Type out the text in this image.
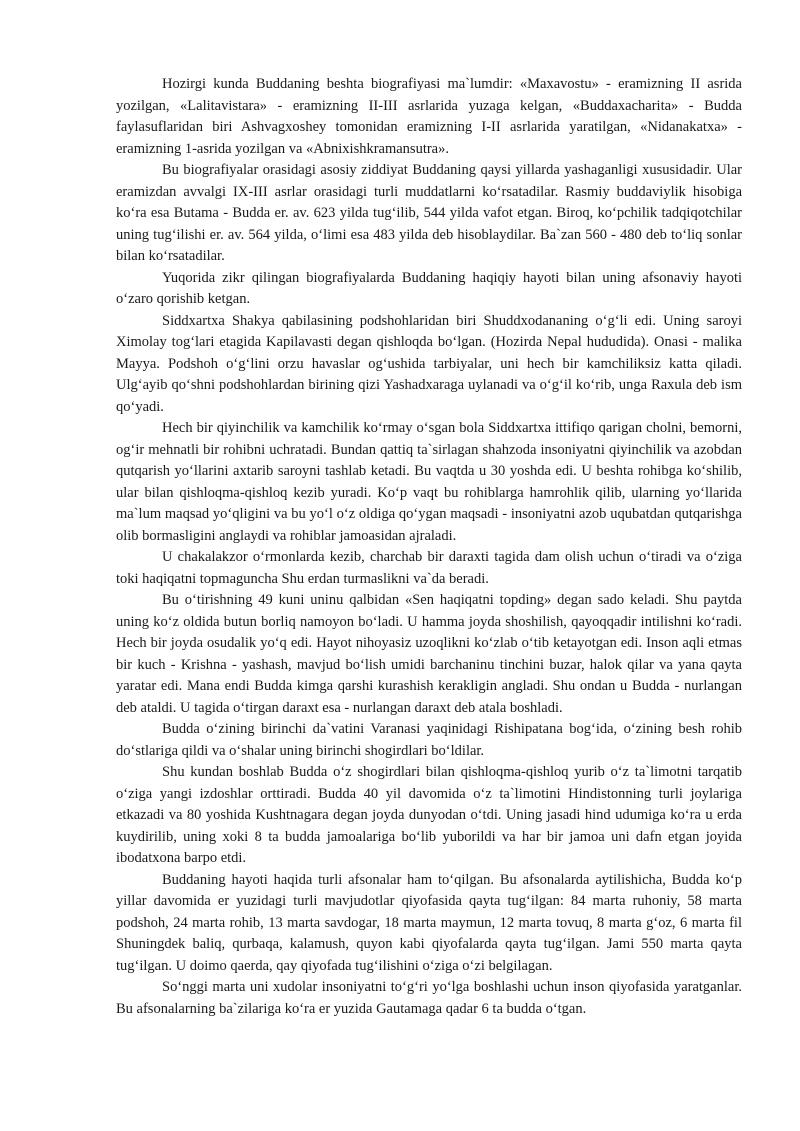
Hozirgi kunda Buddaning beshta biografiyasi ma`lumdir: «Maxavostu» - eramizning II asrida yozilgan, «Lalitavistara» - eramizning II-III asrlarida yuzaga kelgan, «Buddaxacharita» - Budda faylasuflaridan biri Ashvagxoshey tomonidan eramizning I-II asrlarida yaratilgan, «Nidanakatxa» - eramizning 1-asrida yozilgan va «Abnixishkramansutra».

Bu biografiyalar orasidagi asosiy ziddiyat Buddaning qaysi yillarda yashaganligi xususidadir. Ular eramizdan avvalgi IX-III asrlar orasidagi turli muddatlarni ko‘rsatadilar. Rasmiy buddaviylik hisobiga ko‘ra esa Butama - Budda er. av. 623 yilda tug‘ilib, 544 yilda vafot etgan. Biroq, ko‘pchilik tadqiqotchilar uning tug‘ilishi er. av. 564 yilda, o‘limi esa 483 yilda deb hisoblaydilar. Ba`zan 560 - 480 deb to‘liq sonlar bilan ko‘rsatadilar.

Yuqorida zikr qilingan biografiyalarda Buddaning haqiqiy hayoti bilan uning afsonaviy hayoti o‘zaro qorishib ketgan.

Siddxartxa Shakya qabilasining podshohlaridan biri Shuddxodananing o‘g‘li edi. Uning saroyi Ximolay tog‘lari etagida Kapilavasti degan qishloqda bo‘lgan. (Hozirda Nepal hududida). Onasi - malika Mayya. Podshoh o‘g‘lini orzu havaslar og‘ushida tarbiyalar, uni hech bir kamchiliksiz katta qiladi. Ulg‘ayib qo‘shni podshohlardan birining qizi Yashadxaraga uylanadi va o‘g‘il ko‘rib, unga Raxula deb ism qo‘yadi.

Hech bir qiyinchilik va kamchilik ko‘rmay o‘sgan bola Siddxartxa ittifiqo qarigan cholni, bemorni, og‘ir mehnatli bir rohibni uchratadi. Bundan qattiq ta`sirlagan shahzoda insoniyatni qiyinchilik va azobdan qutqarish yo‘llarini axtarib saroyni tashlab ketadi. Bu vaqtda u 30 yoshda edi. U beshta rohibga ko‘shilib, ular bilan qishloqma-qishloq kezib yuradi. Ko‘p vaqt bu rohiblarga hamrohlik qilib, ularning yo‘llarida ma`lum maqsad yo‘qligini va bu yo‘l o‘z oldiga qo‘ygan maqsadi - insoniyatni azob uqubatdan qutqarishga olib bormasligini anglaydi va rohiblar jamoasidan ajraladi.

U chakalakzor o‘rmonlarda kezib, charchab bir daraxti tagida dam olish uchun o‘tiradi va o‘ziga toki haqiqatni topmaguncha Shu erdan turmaslikni va`da beradi.

Bu o‘tirishning 49 kuni uninu qalbidan «Sen haqiqatni topding» degan sado keladi. Shu paytda uning ko‘z oldida butun borliq namoyon bo‘ladi. U hamma joyda shoshilish, qayoqqadir intilishni ko‘radi. Hech bir joyda osudalik yo‘q edi. Hayot nihoyasiz uzoqlikni ko‘zlab o‘tib ketayotgan edi. Inson aqli etmas bir kuch - Krishna - yashash, mavjud bo‘lish umidi barchaninu tinchini buzar, halok qilar va yana qayta yaratar edi. Mana endi Budda kimga qarshi kurashish kerakligin angladi. Shu ondan u Budda - nurlangan deb ataldi. U tagida o‘tirgan daraxt esa - nurlangan daraxt deb atala boshladi.

Budda o‘zining birinchi da`vatini Varanasi yaqinidagi Rishipatana bog‘ida, o‘zining besh rohib do‘stlariga qildi va o‘shalar uning birinchi shogirdlari bo‘ldilar.

Shu kundan boshlab Budda o‘z shogirdlari bilan qishloqma-qishloq yurib o‘z ta`limotni tarqatib o‘ziga yangi izdoshlar orttiradi. Budda 40 yil davomida o‘z ta`limotini Hindistonning turli joylariga etkazadi va 80 yoshida Kushtnagara degan joyda dunyodan o‘tdi. Uning jasadi hind udumiga ko‘ra u erda kuydirilib, uning xoki 8 ta budda jamoalariga bo‘lib yuborildi va har bir jamoa uni dafn etgan joyida ibodatxona barpo etdi.

Buddaning hayoti haqida turli afsonalar ham to‘qilgan. Bu afsonalarda aytilishicha, Budda ko‘p yillar davomida er yuzidagi turli mavjudotlar qiyofasida qayta tug‘ilgan: 84 marta ruhoniy, 58 marta podshoh, 24 marta rohib, 13 marta savdogar, 18 marta maymun, 12 marta tovuq, 8 marta g‘oz, 6 marta fil Shuningdek baliq, qurbaqa, kalamush, quyon kabi qiyofalarda qayta tug‘ilgan. Jami 550 marta qayta tug‘ilgan. U doimo qaerda, qay qiyofada tug‘ilishini o‘ziga o‘zi belgilagan.

So‘nggi marta uni xudolar insoniyatni to‘g‘ri yo‘lga boshlashi uchun inson qiyofasida yaratganlar. Bu afsonalarning ba`zilariga ko‘ra er yuzida Gautamaga qadar 6 ta budda o‘tgan.
